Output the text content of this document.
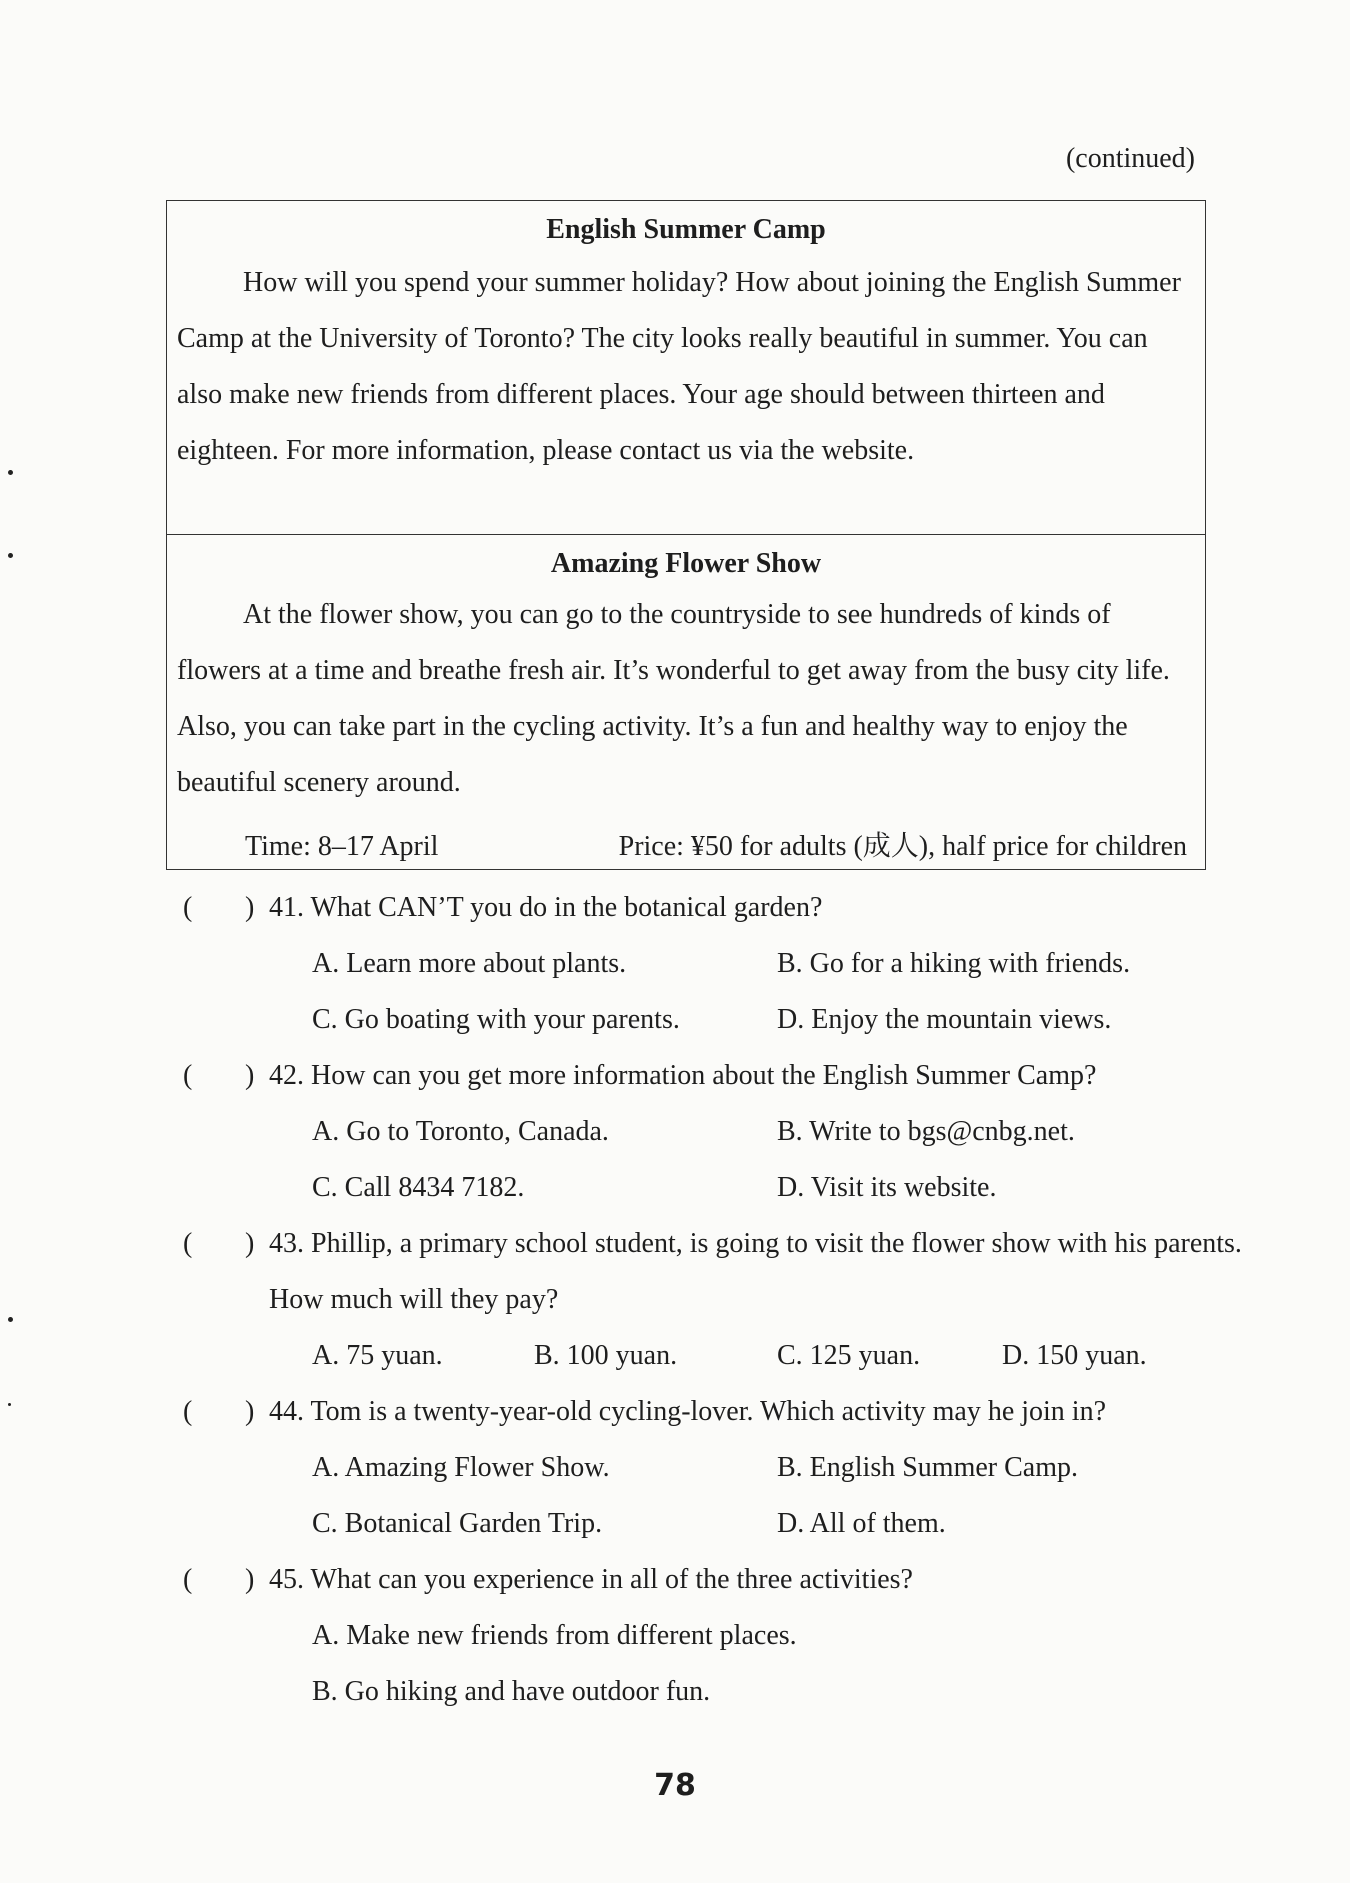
(continued)
English Summer Camp

How will you spend your summer holiday? How about joining the English Summer Camp at the University of Toronto? The city looks really beautiful in summer. You can also make new friends from different places. Your age should between thirteen and eighteen. For more information, please contact us via the website.

Amazing Flower Show

At the flower show, you can go to the countryside to see hundreds of kinds of flowers at a time and breathe fresh air. It’s wonderful to get away from the busy city life. Also, you can take part in the cycling activity. It’s a fun and healthy way to enjoy the beautiful scenery around.

Time: 8–17 April	Price: ¥50 for adults (成人), half price for children
( ) 41. What CAN’T you do in the botanical garden?
A. Learn more about plants.	B. Go for a hiking with friends.
C. Go boating with your parents.	D. Enjoy the mountain views.
( ) 42. How can you get more information about the English Summer Camp?
A. Go to Toronto, Canada.	B. Write to bgs@cnbg.net.
C. Call 8434 7182.	D. Visit its website.
( ) 43. Phillip, a primary school student, is going to visit the flower show with his parents. How much will they pay?
A. 75 yuan.	B. 100 yuan.	C. 125 yuan.	D. 150 yuan.
( ) 44. Tom is a twenty-year-old cycling-lover. Which activity may he join in?
A. Amazing Flower Show.	B. English Summer Camp.
C. Botanical Garden Trip.	D. All of them.
( ) 45. What can you experience in all of the three activities?
A. Make new friends from different places.
B. Go hiking and have outdoor fun.
78
